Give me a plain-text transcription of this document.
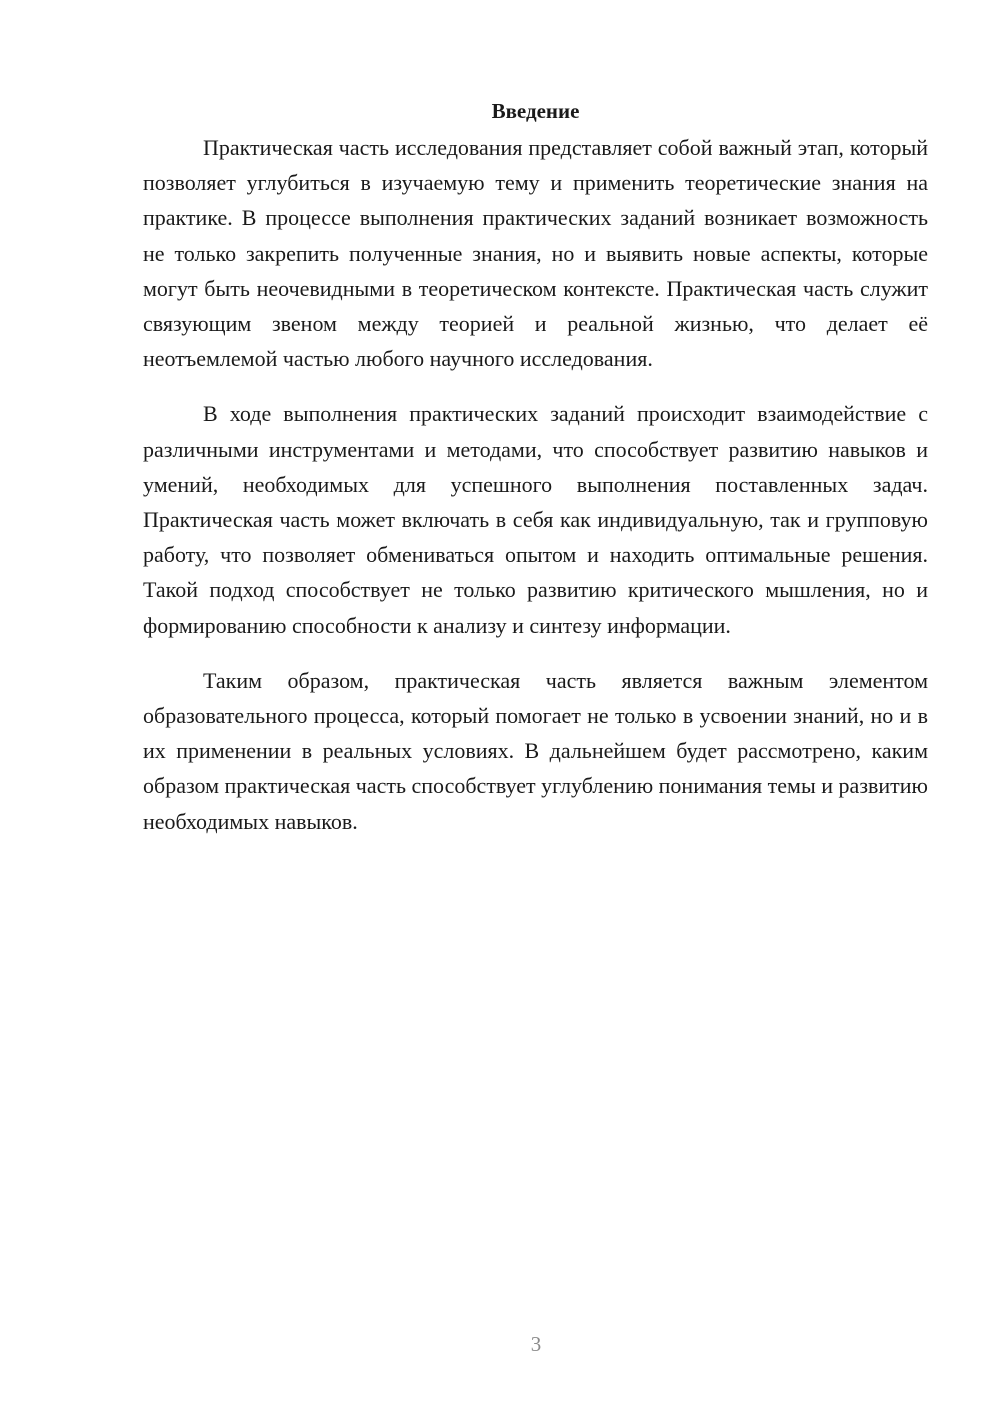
Введение

Практическая часть исследования представляет собой важный этап, который позволяет углубиться в изучаемую тему и применить теоретические знания на практике. В процессе выполнения практических заданий возникает возможность не только закрепить полученные знания, но и выявить новые аспекты, которые могут быть неочевидными в теоретическом контексте. Практическая часть служит связующим звеном между теорией и реальной жизнью, что делает её неотъемлемой частью любого научного исследования.

В ходе выполнения практических заданий происходит взаимодействие с различными инструментами и методами, что способствует развитию навыков и умений, необходимых для успешного выполнения поставленных задач. Практическая часть может включать в себя как индивидуальную, так и групповую работу, что позволяет обмениваться опытом и находить оптимальные решения. Такой подход способствует не только развитию критического мышления, но и формированию способности к анализу и синтезу информации.

Таким образом, практическая часть является важным элементом образовательного процесса, который помогает не только в усвоении знаний, но и в их применении в реальных условиях. В дальнейшем будет рассмотрено, каким образом практическая часть способствует углублению понимания темы и развитию необходимых навыков.

3
